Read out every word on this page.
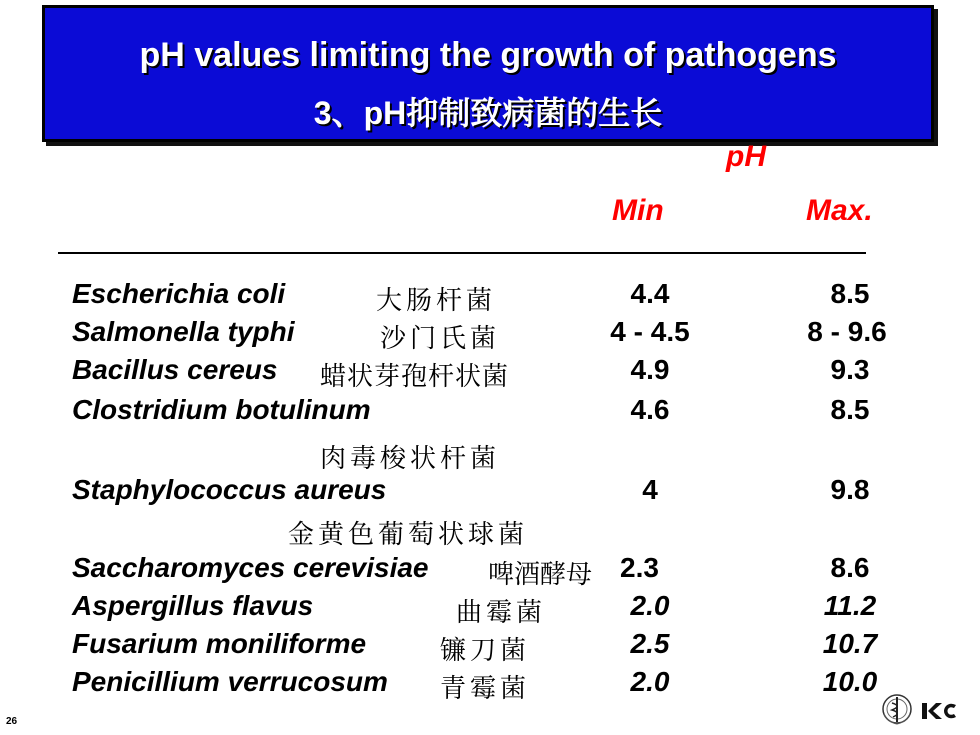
pH values limiting the growth of pathogens
3、pH抑制致病菌的生长
pH
Min	Max.
Escherichia coli	大肠杆菌	4.4	8.5
Salmonella typhi	沙门氏菌	4 - 4.5	8 - 9.6
Bacillus cereus 蜡状芽孢杆状菌	4.9	9.3
Clostridium botulinum	4.6	8.5
肉毒梭状杆菌
Staphylococcus aureus	4	9.8
金黄色葡萄状球菌
Saccharomyces cerevisiae 啤酒酵母 2.3	8.6
Aspergillus flavus	曲霉菌	2.0	11.2
Fusarium moniliforme	镰刀菌	2.5	10.7
Penicillium verrucosum 青霉菌	2.0	10.0
26
